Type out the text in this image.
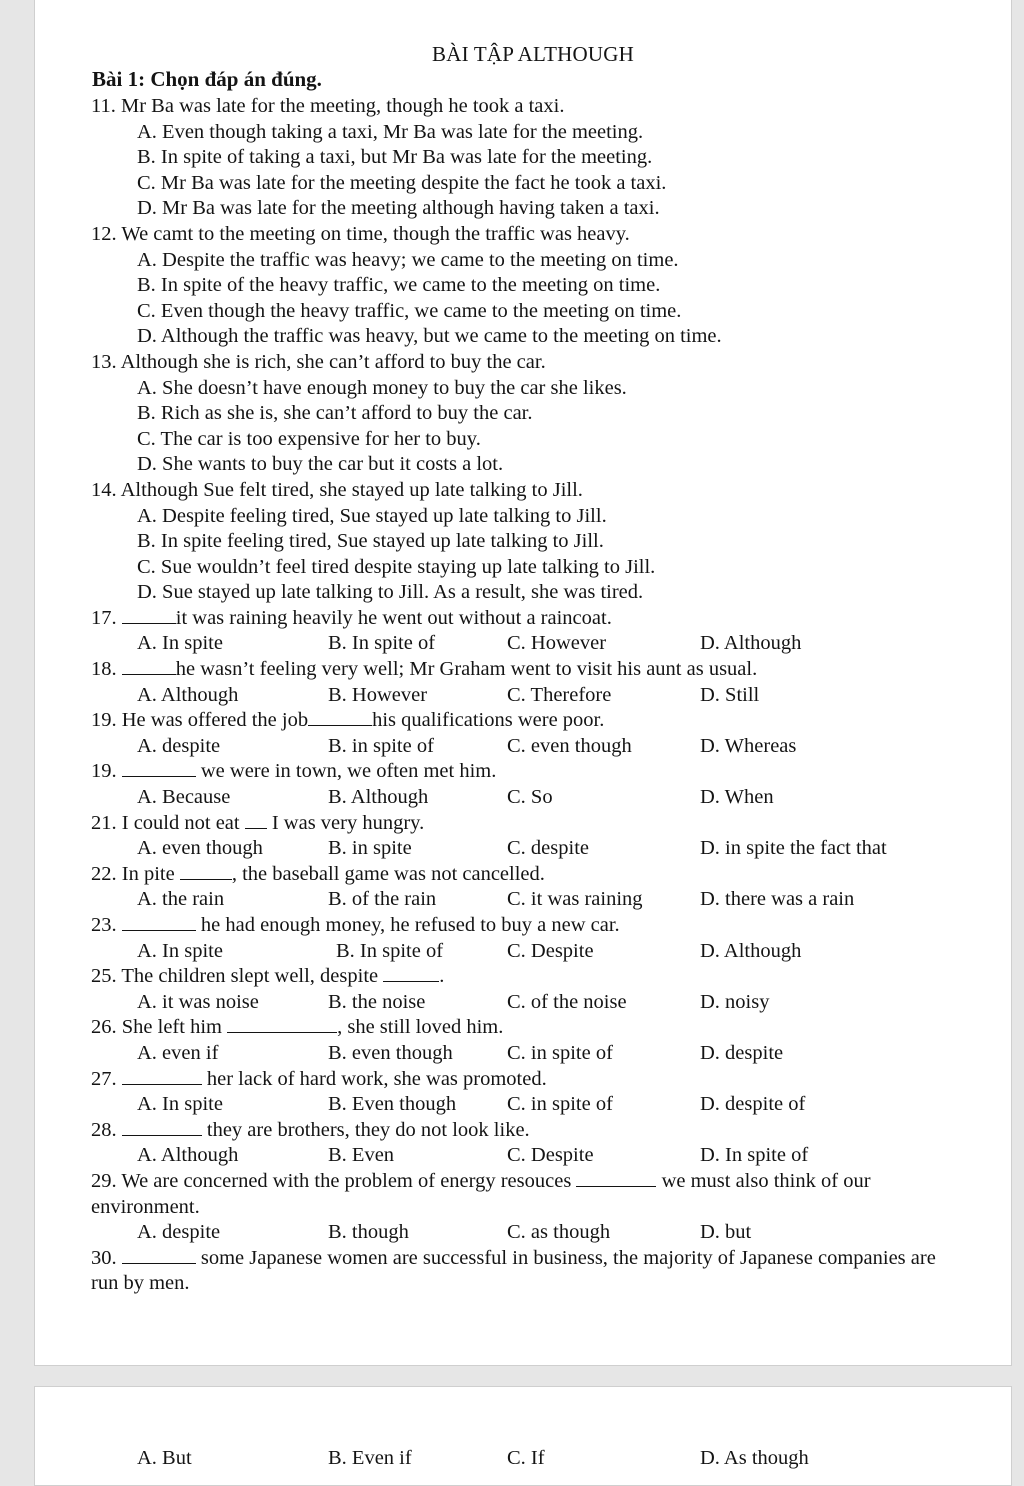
BÀI TẬP ALTHOUGH
Bài 1: Chọn đáp án đúng.
11. Mr Ba was late for the meeting, though he took a taxi.
A. Even though taking a taxi, Mr Ba was late for the meeting.
B. In spite of taking a taxi, but Mr Ba was late for the meeting.
C. Mr Ba was late for the meeting despite the fact he took a taxi.
D. Mr Ba was late for the meeting although having taken a taxi.
12. We camt to the meeting on time, though the traffic was heavy.
A. Despite the traffic was heavy; we came to the meeting on time.
B. In spite of the heavy traffic, we came to the meeting on time.
C. Even though the heavy traffic, we came to the meeting on time.
D. Although the traffic was heavy, but we came to the meeting on time.
13. Although she is rich, she can’t afford to buy the car.
A. She doesn’t have enough money to buy the car she likes.
B. Rich as she is, she can’t afford to buy the car.
C. The car is too expensive for her to buy.
D. She wants to buy the car but it costs a lot.
14. Although Sue felt tired, she stayed up late talking to Jill.
A. Despite feeling tired, Sue stayed up late talking to Jill.
B. In spite feeling tired, Sue stayed up late talking to Jill.
C. Sue wouldn’t feel tired despite staying up late talking to Jill.
D. Sue stayed up late talking to Jill. As a result, she was tired.
17.	it was raining heavily he went out without a raincoat.
A. In spite	B. In spite of	C. However	D. Although
18.	he wasn’t feeling very well; Mr Graham went to visit his aunt as usual.
A. Although	B. However	C. Therefore	D. Still
19. He was offered the job	his qualifications were poor.
A. despite	B. in spite of	C. even though	D. Whereas
19.	we were in town, we often met him.
A. Because	B. Although	C. So	D. When
21. I could not eat  I was very hungry.
A. even though	B. in spite	C. despite	D. in spite the fact that
22. In pite	, the baseball game was not cancelled.
A. the rain	B. of the rain	C. it was raining	D. there was a rain
23.	he had enough money, he refused to buy a new car.
A. In spite	B. In spite of	C. Despite	D. Although
25. The children slept well, despite	.
A. it was noise	B. the noise	C. of the noise	D. noisy
26. She left him	, she still loved him.
A. even if	B. even though	C. in spite of	D. despite
27.	her lack of hard work, she was promoted.
A. In spite	B. Even though	C. in spite of	D. despite of
28.	they are brothers, they do not look like.
A. Although	B. Even	C. Despite	D. In spite of
29. We are concerned with the problem of energy resouces	we must also think of our environment.
A. despite	B. though	C. as though	D. but
30.	some Japanese women are successful in business, the majority of Japanese companies are run by men.
A. But	B. Even if	C. If	D. As though
